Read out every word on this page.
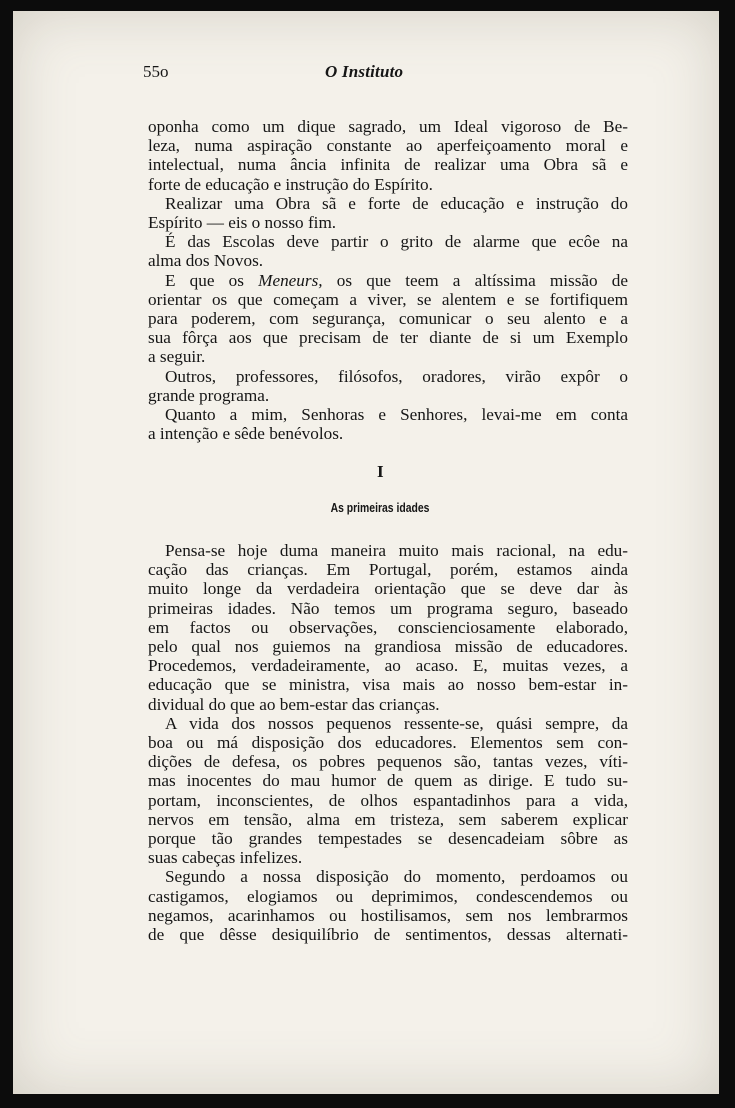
55o	O Instituto

oponha como um dique sagrado, um Ideal vigoroso de Be-

leza, numa aspiração constante ao aperfeiçoamento moral e

intelectual, numa ância infinita de realizar uma Obra sã e

forte de educação e instrução do Espírito.

Realizar uma Obra sã e forte de educação e instrução do

Espírito — eis o nosso fim.

É das Escolas deve partir o grito de alarme que ecôe na

alma dos Novos.

E que os Meneurs, os que teem a altíssima missão de

orientar os que começam a viver, se alentem e se fortifiquem

para poderem, com segurança, comunicar o seu alento e a

sua fôrça aos que precisam de ter diante de si um Exemplo

a seguir.

Outros, professores, filósofos, oradores, virão expôr o

grande programa.

Quanto a mim, Senhoras e Senhores, levai-me em conta

a intenção e sêde benévolos.

I
As primeiras idades

Pensa-se hoje duma maneira muito mais racional, na edu-

cação das crianças. Em Portugal, porém, estamos ainda

muito longe da verdadeira orientação que se deve dar às

primeiras idades. Não temos um programa seguro, baseado

em factos ou observações, conscienciosamente elaborado,

pelo qual nos guiemos na grandiosa missão de educadores.

Procedemos, verdadeiramente, ao acaso. E, muitas vezes, a

educação que se ministra, visa mais ao nosso bem-estar in-

dividual do que ao bem-estar das crianças.

A vida dos nossos pequenos ressente-se, quási sempre, da

boa ou má disposição dos educadores. Elementos sem con-

dições de defesa, os pobres pequenos são, tantas vezes, víti-

mas inocentes do mau humor de quem as dirige. E tudo su-

portam, inconscientes, de olhos espantadinhos para a vida,

nervos em tensão, alma em tristeza, sem saberem explicar

porque tão grandes tempestades se desencadeiam sôbre as

suas cabeças infelizes.

Segundo a nossa disposição do momento, perdoamos ou

castigamos, elogiamos ou deprimimos, condescendemos ou

negamos, acarinhamos ou hostilisamos, sem nos lembrarmos

de que dêsse desiquilíbrio de sentimentos, dessas alternati-
